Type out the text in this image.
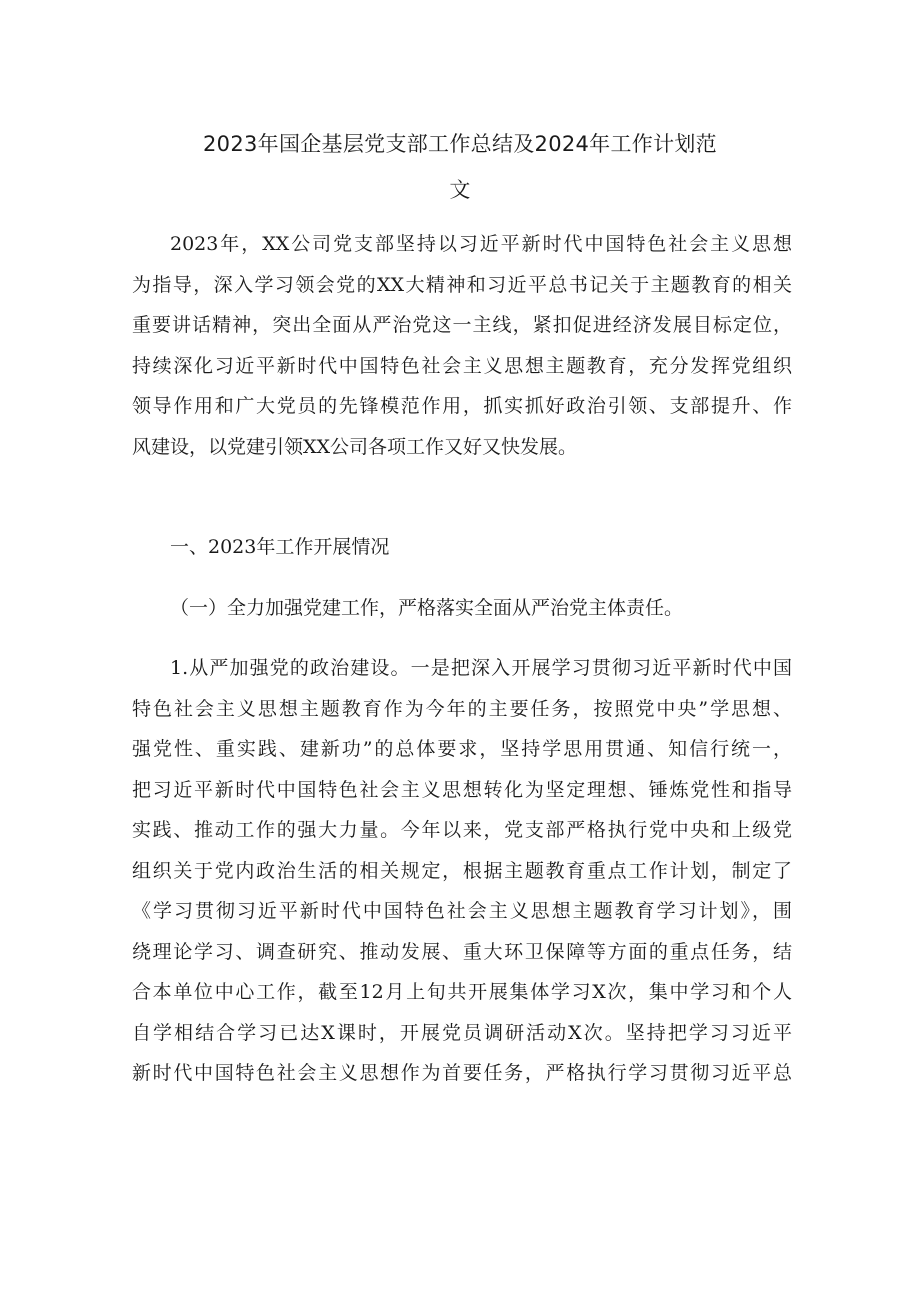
2023年国企基层党支部工作总结及2024年工作计划范
文
2023年，XX公司党支部坚持以习近平新时代中国特色社会主义思想
为指导，深入学习领会党的XX大精神和习近平总书记关于主题教育的相关
重要讲话精神，突出全面从严治党这一主线，紧扣促进经济发展目标定位，
持续深化习近平新时代中国特色社会主义思想主题教育，充分发挥党组织
领导作用和广大党员的先锋模范作用，抓实抓好政治引领、支部提升、作
风建设，以党建引领XX公司各项工作又好又快发展。
一、2023年工作开展情况
（一）全力加强党建工作，严格落实全面从严治党主体责任。
1.从严加强党的政治建设。一是把深入开展学习贯彻习近平新时代中国
特色社会主义思想主题教育作为今年的主要任务，按照党中央”学思想、
强党性、重实践、建新功”的总体要求，坚持学思用贯通、知信行统一，
把习近平新时代中国特色社会主义思想转化为坚定理想、锤炼党性和指导
实践、推动工作的强大力量。今年以来，党支部严格执行党中央和上级党
组织关于党内政治生活的相关规定，根据主题教育重点工作计划，制定了
《学习贯彻习近平新时代中国特色社会主义思想主题教育学习计划》，围
绕理论学习、调查研究、推动发展、重大环卫保障等方面的重点任务，结
合本单位中心工作，截至12月上旬共开展集体学习X次，集中学习和个人
自学相结合学习已达X课时，开展党员调研活动X次。坚持把学习习近平
新时代中国特色社会主义思想作为首要任务，严格执行学习贯彻习近平总
